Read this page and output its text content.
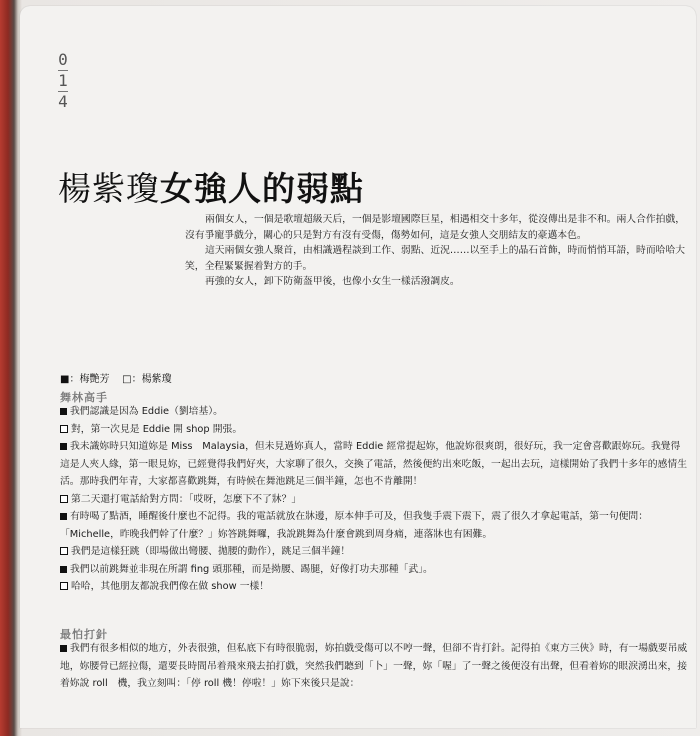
0
1
4
楊紫瓊女強人的弱點

兩個女人，一個是歌壇超級天后，一個是影壇國際巨星，相遇相交十多年，從沒傳出是非不和。兩人合作拍戲，沒有爭寵爭戲分，關心的只是對方有沒有受傷，傷勢如何，這是女強人交朋結友的豪邁本色。

這天兩個女強人聚首，由相識過程談到工作、弱點、近況……以至手上的晶石首飾，時而悄悄耳語，時而哈哈大笑，全程緊緊握着對方的手。

再強的女人，卸下防衛盔甲後，也像小女生一樣活潑調皮。

■：梅艷芳 □：楊紫瓊
舞林高手
我們認識是因為 Eddie（劉培基）。
對，第一次見是 Eddie 開 shop 開張。
我未識妳時只知道妳是 Miss　Malaysia，但未見過妳真人，當時 Eddie 經常提起妳，他說妳很爽朗，很好玩，我一定會喜歡跟妳玩。我覺得這是人夾人緣，第一眼見妳，已經覺得我們好夾，大家聊了很久，交換了電話，然後便約出來吃飯，一起出去玩，這樣開始了我們十多年的感情生活。那時我們年青，大家都喜歡跳舞，有時候在舞池跳足三個半鐘，怎也不肯離開！
第二天還打電話給對方問：「哎呀，怎麼下不了牀？」
有時喝了點酒，睡醒後什麼也不記得。我的電話就放在牀邊，原本伸手可及，但我隻手震下震下，震了很久才拿起電話，第一句便問：「Michelle，昨晚我們幹了什麼？」妳答跳舞囉，我說跳舞為什麼會跳到周身痛，連落牀也有困難。
我們是這樣狂跳（即場做出彎腰、拋腰的動作），跳足三個半鐘！
我們以前跳舞並非現在所謂 fing 頭那種，而是拗腰、踢腿，好像打功夫那種「武」。
哈哈，其他朋友都說我們像在做 show 一樣！
最怕打針
我們有很多相似的地方，外表很強，但私底下有時很脆弱，妳拍戲受傷可以不哼一聲，但卻不肯打針。記得拍《東方三俠》時，有一場戲要吊威地，妳腰骨已經拉傷，還要長時間吊着飛來飛去拍打戲，突然我們聽到「卜」一聲，妳「喔」了一聲之後便沒有出聲，但看着妳的眼淚湧出來，接着妳說 roll　機，我立刻叫：「停 roll 機！停啦！」妳下來後只是說：
